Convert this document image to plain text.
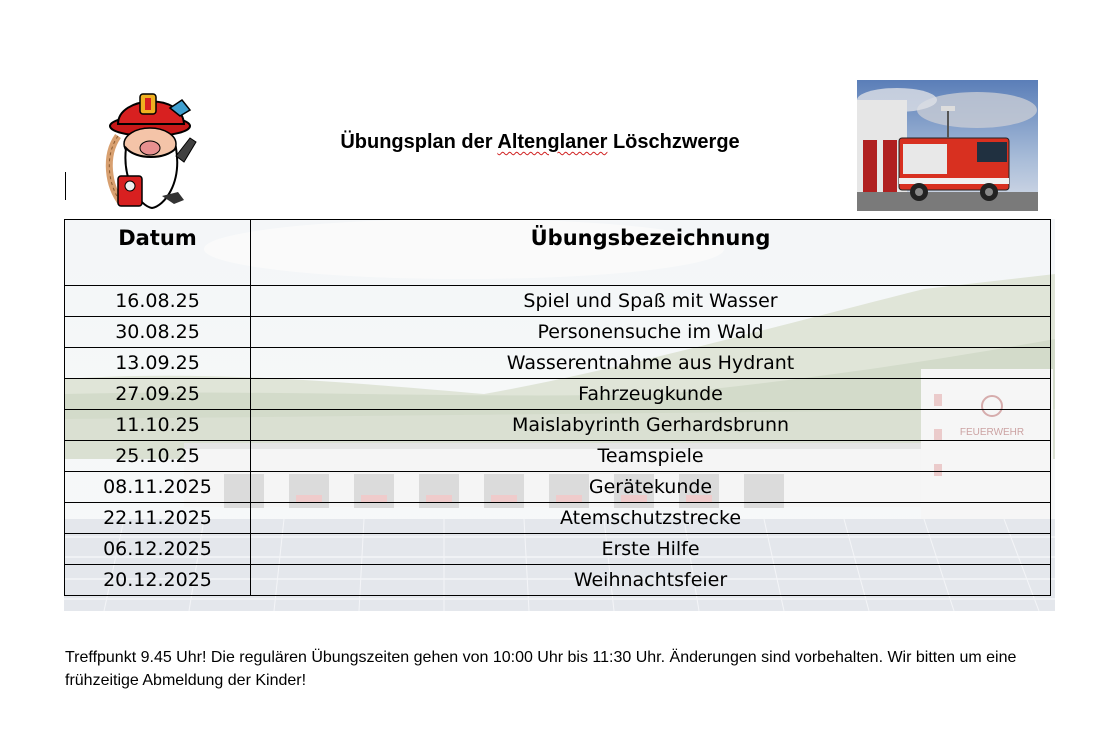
Übungsplan der Altenglaner Löschzwerge
FEUERWEHR
Datum	Übungsbezeichnung
16.08.25	Spiel und Spaß mit Wasser
30.08.25	Personensuche im Wald
13.09.25	Wasserentnahme aus Hydrant
27.09.25	Fahrzeugkunde
11.10.25	Maislabyrinth Gerhardsbrunn
25.10.25	Teamspiele
08.11.2025	Gerätekunde
22.11.2025	Atemschutzstrecke
06.12.2025	Erste Hilfe
20.12.2025	Weihnachtsfeier
Treffpunkt 9.45 Uhr! Die regulären Übungszeiten gehen von 10:00 Uhr bis 11:30 Uhr. Änderungen sind vorbehalten. Wir bitten um eine frühzeitige Abmeldung der Kinder!
